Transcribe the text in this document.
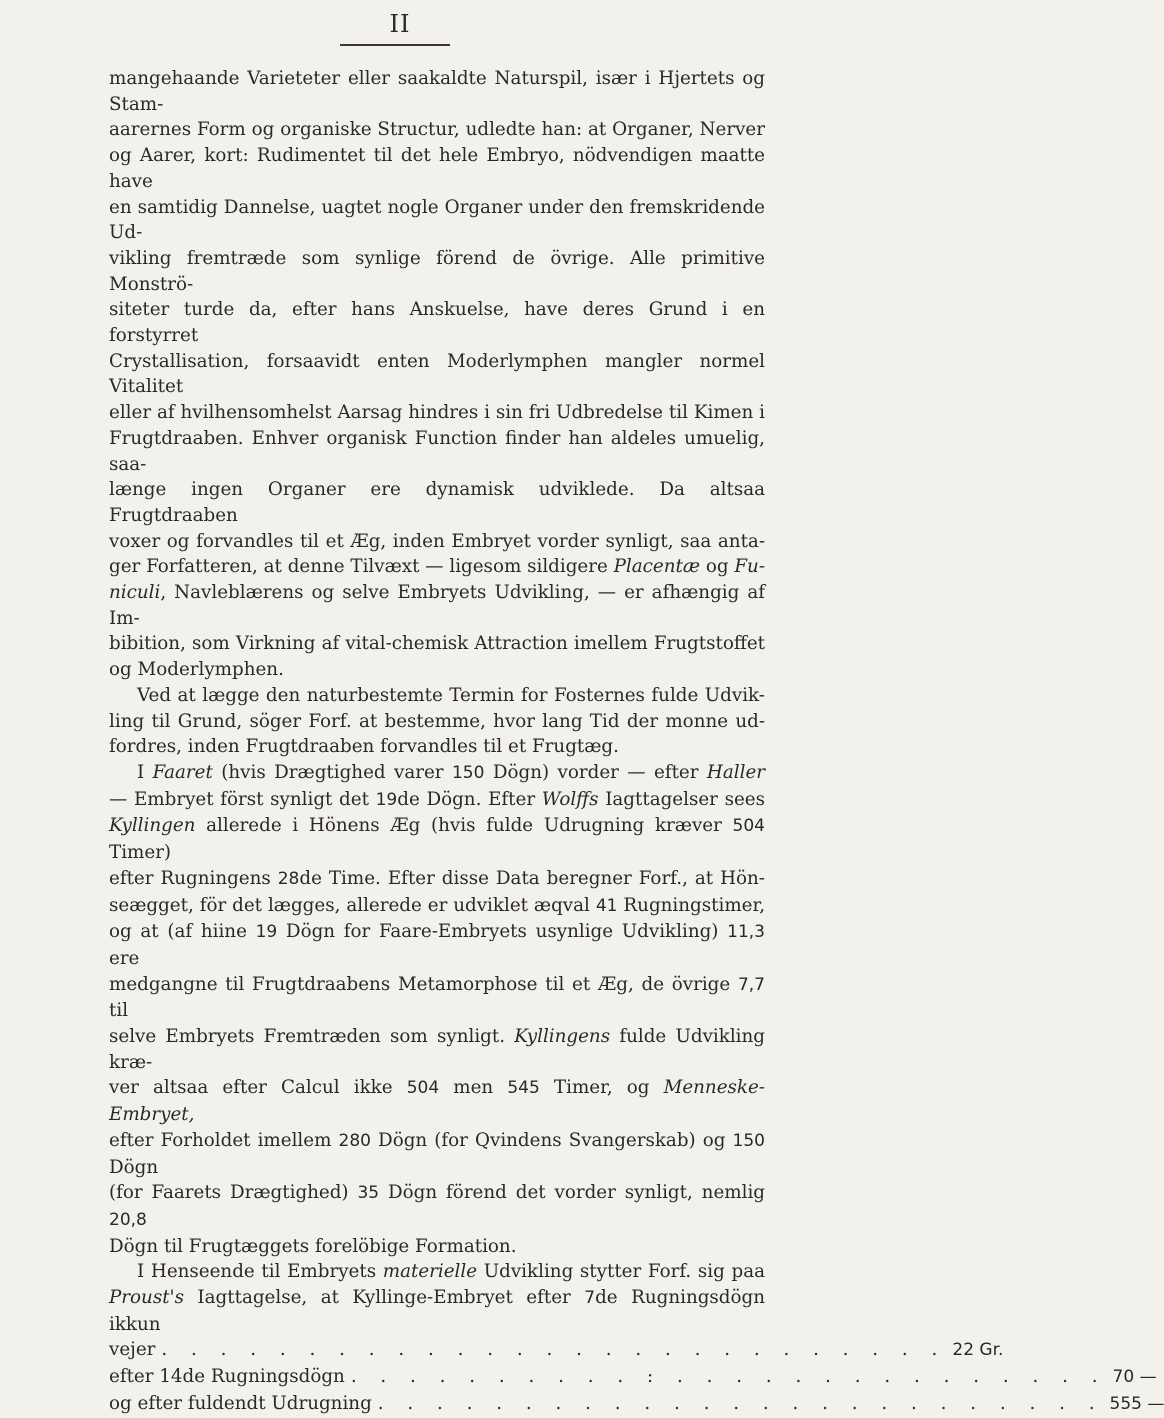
II

mangehaande Varieteter eller saakaldte Naturspil, især i Hjertets og Stam-

aarernes Form og organiske Structur, udledte han: at Organer, Nerver

og Aarer, kort: Rudimentet til det hele Embryo, nödvendigen maatte have

en samtidig Dannelse, uagtet nogle Organer under den fremskridende Ud-

vikling fremtræde som synlige förend de övrige. Alle primitive Monströ-

siteter turde da, efter hans Anskuelse, have deres Grund i en forstyrret

Crystallisation, forsaavidt enten Moderlymphen mangler normel Vitalitet

eller af hvilhensomhelst Aarsag hindres i sin fri Udbredelse til Kimen i

Frugtdraaben. Enhver organisk Function finder han aldeles umuelig, saa-

længe ingen Organer ere dynamisk udviklede. Da altsaa Frugtdraaben

voxer og forvandles til et Æg, inden Embryet vorder synligt, saa anta-

ger Forfatteren, at denne Tilvæxt — ligesom sildigere Placentæ og Fu-

niculi, Navleblærens og selve Embryets Udvikling, — er afhængig af Im-

bibition, som Virkning af vital-chemisk Attraction imellem Frugtstoffet

og Moderlymphen.

Ved at lægge den naturbestemte Termin for Fosternes fulde Udvik-

ling til Grund, söger Forf. at bestemme, hvor lang Tid der monne ud-

fordres, inden Frugtdraaben forvandles til et Frugtæg.

I Faaret (hvis Drægtighed varer 150 Dögn) vorder — efter Haller

— Embryet först synligt det 19de Dögn. Efter Wolffs Iagttagelser sees

Kyllingen allerede i Hönens Æg (hvis fulde Udrugning kræver 504 Timer)

efter Rugningens 28de Time. Efter disse Data beregner Forf., at Hön-

seægget, för det lægges, allerede er udviklet æqval 41 Rugningstimer,

og at (af hiine 19 Dögn for Faare-Embryets usynlige Udvikling) 11,3 ere

medgangne til Frugtdraabens Metamorphose til et Æg, de övrige 7,7 til

selve Embryets Fremtræden som synligt. Kyllingens fulde Udvikling kræ-

ver altsaa efter Calcul ikke 504 men 545 Timer, og Menneske-Embryet,

efter Forholdet imellem 280 Dögn (for Qvindens Svangerskab) og 150 Dögn

(for Faarets Drægtighed) 35 Dögn förend det vorder synligt, nemlig 20,8

Dögn til Frugtæggets forelöbige Formation.

I Henseende til Embryets materielle Udvikling stytter Forf. sig paa

Proust's Iagttagelse, at Kyllinge-Embryet efter 7de Rugningsdögn ikkun

vejer . . . . . . . . . . . . . . . . . . . . . . . . . . . 22 Gr.
efter 14de Rugningsdögn . . . . . . . . . . : . . . . . . . . . . . . . . . 70 —
og efter fuldendt Udrugning . . . . . . . . . . . . . . . . . . . . . . . . . 555 —
